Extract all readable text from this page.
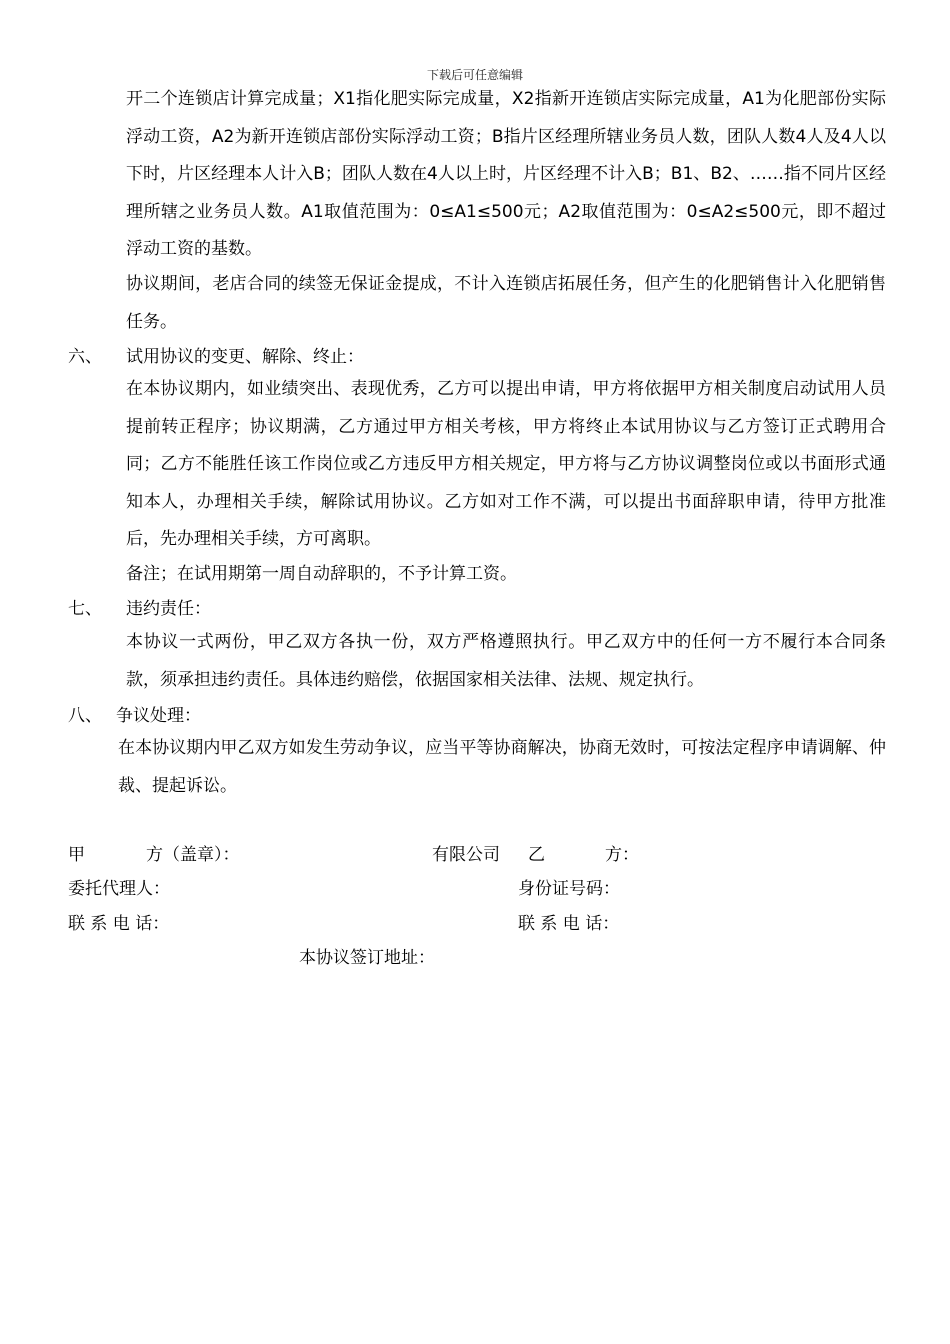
下载后可任意编辑
开二个连锁店计算完成量；X1指化肥实际完成量，X2指新开连锁店实际完成量，A1为化肥部份实际浮动工资，A2为新开连锁店部份实际浮动工资；B指片区经理所辖业务员人数，团队人数4人及4人以下时，片区经理本人计入B；团队人数在4人以上时，片区经理不计入B；B1、B2、……指不同片区经理所辖之业务员人数。A1取值范围为：0≤A1≤500元；A2取值范围为：0≤A2≤500元，即不超过浮动工资的基数。
协议期间，老店合同的续签无保证金提成，不计入连锁店拓展任务，但产生的化肥销售计入化肥销售任务。
六、 试用协议的变更、解除、终止：
在本协议期内，如业绩突出、表现优秀，乙方可以提出申请，甲方将依据甲方相关制度启动试用人员提前转正程序；协议期满，乙方通过甲方相关考核，甲方将终止本试用协议与乙方签订正式聘用合同；乙方不能胜任该工作岗位或乙方违反甲方相关规定，甲方将与乙方协议调整岗位或以书面形式通知本人，办理相关手续，解除试用协议。乙方如对工作不满，可以提出书面辞职申请，待甲方批准后，先办理相关手续，方可离职。
备注；在试用期第一周自动辞职的，不予计算工资。
七、 违约责任：
本协议一式两份，甲乙双方各执一份，双方严格遵照执行。甲乙双方中的任何一方不履行本合同条款，须承担违约责任。具体违约赔偿，依据国家相关法律、法规、规定执行。
八、 争议处理：
在本协议期内甲乙双方如发生劳动争议，应当平等协商解决，协商无效时，可按法定程序申请调解、仲裁、提起诉讼。
甲	方（盖章）：	有限公司 乙	方：
委托代理人：	身份证号码：
联 系 电 话：	联 系 电 话：
本协议签订地址：
